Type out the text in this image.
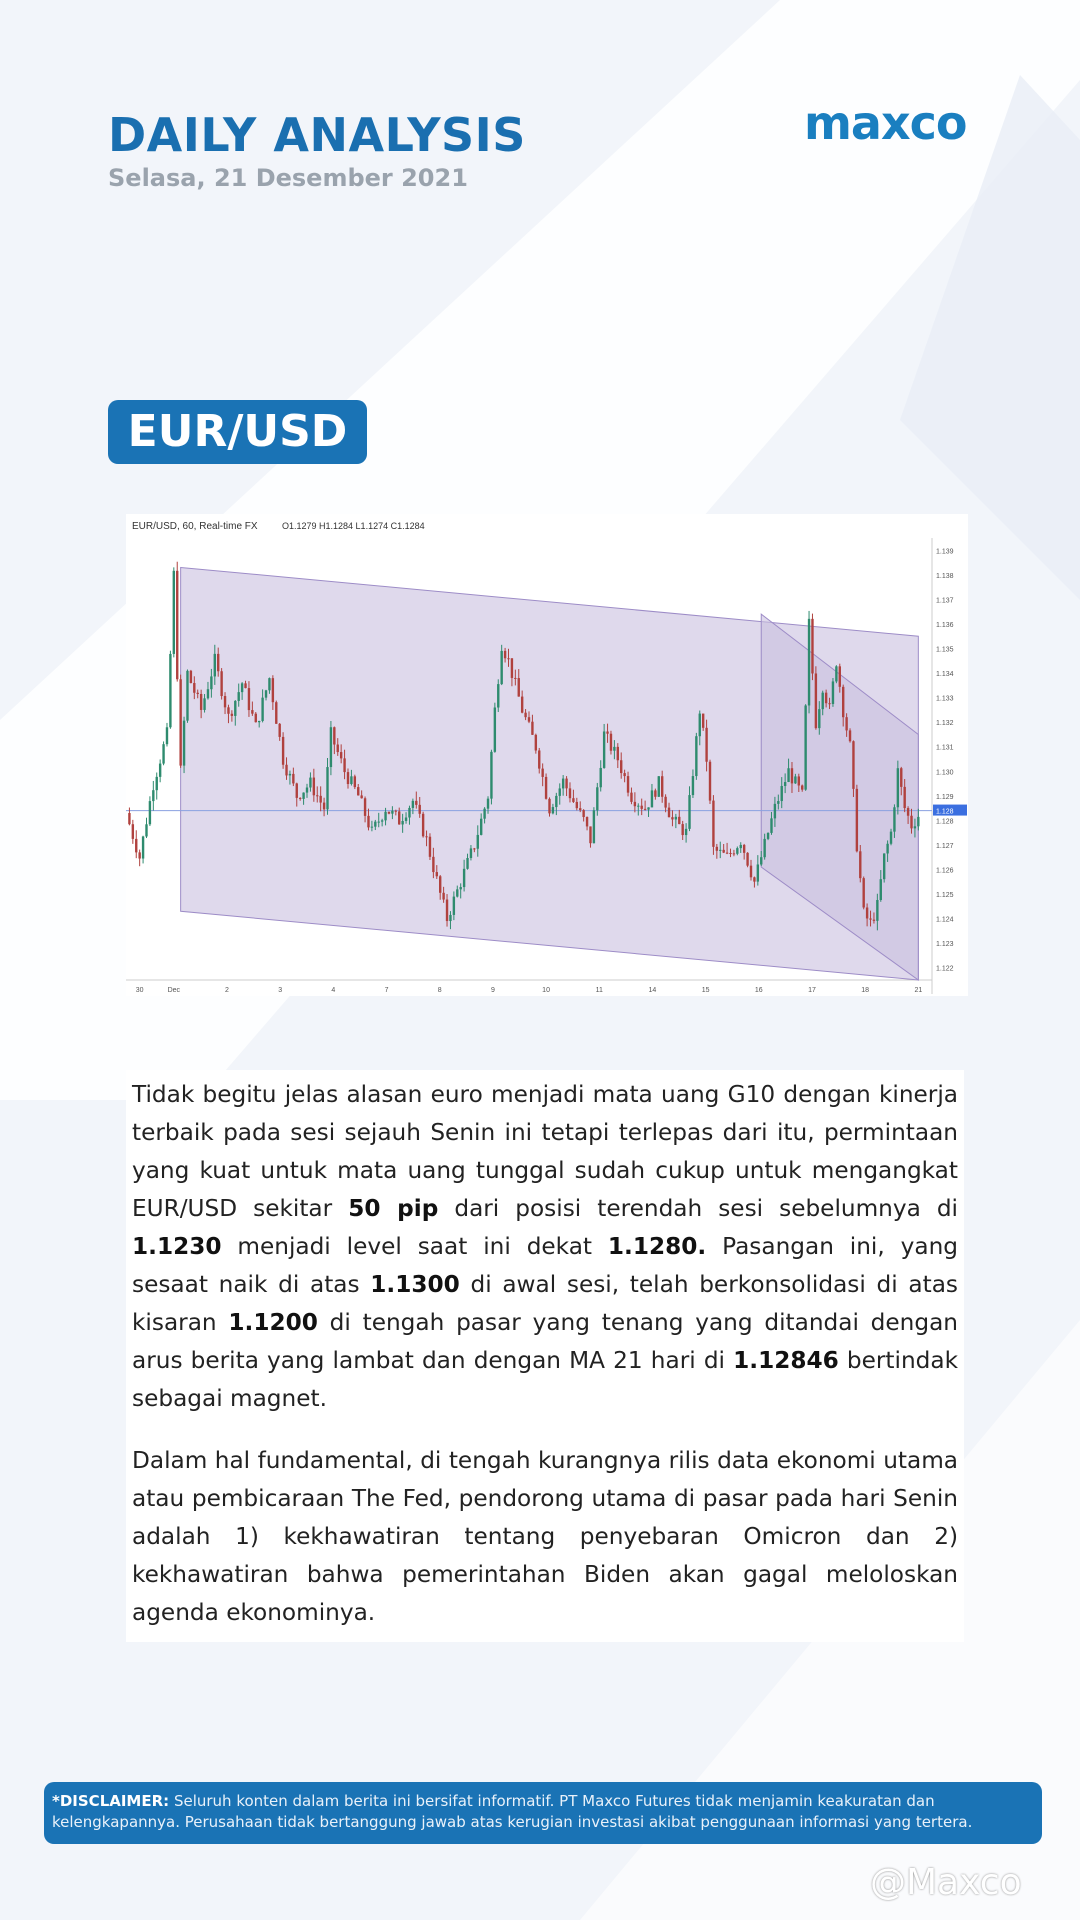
DAILY ANALYSIS
Selasa, 21 Desember 2021
maxco
EUR/USD
EUR/USD, 60, Real-time FX	O1.1279 H1.1284 L1.1274 C1.1284
1.139
1.138
1.137
1.136
1.135
1.134
1.133
1.132
1.131
1.130
1.129
1.128
1.127
1.126
1.125
1.124
1.123
1.122
1.128
30	Dec	2	3	4	7	8	9	10	11	14	15	16	17	18	21

Tidak begitu jelas alasan euro menjadi mata uang G10 dengan kinerja terbaik pada sesi sejauh Senin ini tetapi terlepas dari itu, permintaan yang kuat untuk mata uang tunggal sudah cukup untuk mengangkat EUR/USD sekitar 50 pip dari posisi terendah sesi sebelumnya di 1.1230 menjadi level saat ini dekat 1.1280. Pasangan ini, yang sesaat naik di atas 1.1300 di awal sesi, telah berkonsolidasi di atas kisaran 1.1200 di tengah pasar yang tenang yang ditandai dengan arus berita yang lambat dan dengan MA 21 hari di 1.12846 bertindak sebagai magnet.

Dalam hal fundamental, di tengah kurangnya rilis data ekonomi utama atau pembicaraan The Fed, pendorong utama di pasar pada hari Senin adalah 1) kekhawatiran tentang penyebaran Omicron dan 2) kekhawatiran bahwa pemerintahan Biden akan gagal meloloskan agenda ekonominya.

*DISCLAIMER: Seluruh konten dalam berita ini bersifat informatif. PT Maxco Futures tidak menjamin keakuratan dan kelengkapannya. Perusahaan tidak bertanggung jawab atas kerugian investasi akibat penggunaan informasi yang tertera.
@Maxco
